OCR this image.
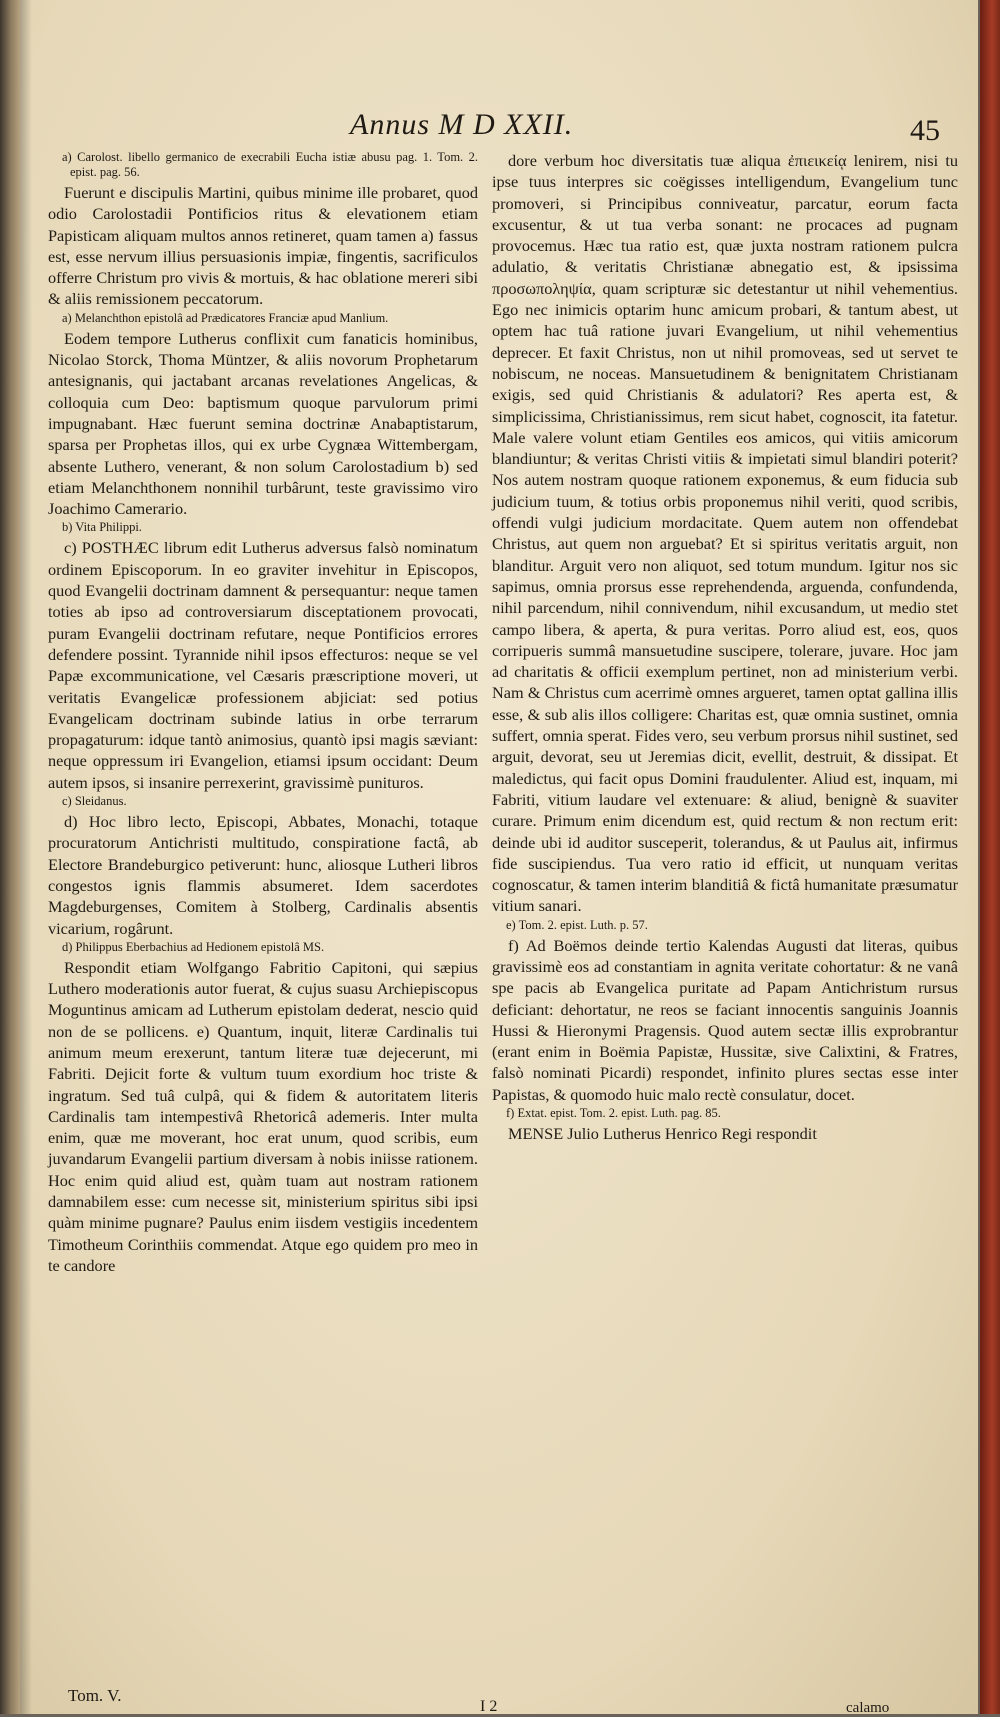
Annus M D XXII.	45
a) Carolost. libello germanico de execrabili Eucha istiæ abusu pag. 1. Tom. 2. epist. pag. 56.
Fuerunt e discipulis Martini, quibus minime ille probaret, quod odio Carolostadii Pontificios ritus & elevationem etiam Papisticam aliquam multos annos retineret, quam tamen a) fassus est, esse nervum illius persuasionis impiæ, fingentis, sacrificulos offerre Christum pro vivis & mortuis, & hac oblatione mereri sibi & aliis remissionem peccatorum.
a) Melanchthon epistolâ ad Prædicatores Franciæ apud Manlium.
Eodem tempore Lutherus conflixit cum fanaticis hominibus, Nicolao Storck, Thoma Müntzer, & aliis novorum Prophetarum antesignanis, qui jactabant arcanas revelationes Angelicas, & colloquia cum Deo: baptismum quoque parvulorum primi impugnabant. Hæc fuerunt semina doctrinæ Anabaptistarum, sparsa per Prophetas illos, qui ex urbe Cygnæa Wittembergam, absente Luthero, venerant, & non solum Carolostadium b) sed etiam Melanchthonem nonnihil turbârunt, teste gravissimo viro Joachimo Camerario.
b) Vita Philippi.
c) POSTHÆC librum edit Lutherus adversus falsò nominatum ordinem Episcoporum. In eo graviter invehitur in Episcopos, quod Evangelii doctrinam damnent & persequantur: neque tamen toties ab ipso ad controversiarum disceptationem provocati, puram Evangelii doctrinam refutare, neque Pontificios errores defendere possint. Tyrannide nihil ipsos effecturos: neque se vel Papæ excommunicatione, vel Cæsaris præscriptione moveri, ut veritatis Evangelicæ professionem abjiciat: sed potius Evangelicam doctrinam subinde latius in orbe terrarum propagaturum: idque tantò animosius, quantò ipsi magis sæviant: neque oppressum iri Evangelion, etiamsi ipsum occidant: Deum autem ipsos, si insanire perrexerint, gravissimè punituros.
c) Sleidanus.
d) Hoc libro lecto, Episcopi, Abbates, Monachi, totaque procuratorum Antichristi multitudo, conspiratione factâ, ab Electore Brandeburgico petiverunt: hunc, aliosque Lutheri libros congestos ignis flammis absumeret. Idem sacerdotes Magdeburgenses, Comitem à Stolberg, Cardinalis absentis vicarium, rogârunt.
d) Philippus Eberbachius ad Hedionem epistolâ MS.
Respondit etiam Wolfgango Fabritio Capitoni, qui sæpius Luthero moderationis autor fuerat, & cujus suasu Archiepiscopus Moguntinus amicam ad Lutherum epistolam dederat, nescio quid non de se pollicens. e) Quantum, inquit, literæ Cardinalis tui animum meum erexerunt, tantum literæ tuæ dejecerunt, mi Fabriti. Dejicit forte & vultum tuum exordium hoc triste & ingratum. Sed tuâ culpâ, qui & fidem & autoritatem literis Cardinalis tam intempestivâ Rhetoricâ ademeris. Inter multa enim, quæ me moverant, hoc erat unum, quod scribis, eum juvandarum Evangelii partium diversam à nobis iniisse rationem. Hoc enim quid aliud est, quàm tuam aut nostram rationem damnabilem esse: cum necesse sit, ministerium spiritus sibi ipsi quàm minime pugnare? Paulus enim iisdem vestigiis incedentem Timotheum Corinthiis commendat. Atque ego quidem pro meo in te candore
dore verbum hoc diversitatis tuæ aliqua ἐπιεικείᾳ lenirem, nisi tu ipse tuus interpres sic coëgisses intelligendum, Evangelium tunc promoveri, si Principibus conniveatur, parcatur, eorum facta excusentur, & ut tua verba sonant: ne procaces ad pugnam provocemus. Hæc tua ratio est, quæ juxta nostram rationem pulcra adulatio, & veritatis Christianæ abnegatio est, & ipsissima προσωποληψία, quam scripturæ sic detestantur ut nihil vehementius. Ego nec inimicis optarim hunc amicum probari, & tantum abest, ut optem hac tuâ ratione juvari Evangelium, ut nihil vehementius deprecer. Et faxit Christus, non ut nihil promoveas, sed ut servet te nobiscum, ne noceas. Mansuetudinem & benignitatem Christianam exigis, sed quid Christianis & adulatori? Res aperta est, & simplicissima, Christianissimus, rem sicut habet, cognoscit, ita fatetur. Male valere volunt etiam Gentiles eos amicos, qui vitiis amicorum blandiuntur; & veritas Christi vitiis & impietati simul blandiri poterit? Nos autem nostram quoque rationem exponemus, & eum fiducia sub judicium tuum, & totius orbis proponemus nihil veriti, quod scribis, offendi vulgi judicium mordacitate. Quem autem non offendebat Christus, aut quem non arguebat? Et si spiritus veritatis arguit, non blanditur. Arguit vero non aliquot, sed totum mundum. Igitur nos sic sapimus, omnia prorsus esse reprehendenda, arguenda, confundenda, nihil parcendum, nihil connivendum, nihil excusandum, ut medio stet campo libera, & aperta, & pura veritas. Porro aliud est, eos, quos corripueris summâ mansuetudine suscipere, tolerare, juvare. Hoc jam ad charitatis & officii exemplum pertinet, non ad ministerium verbi. Nam & Christus cum acerrimè omnes argueret, tamen optat gallina illis esse, & sub alis illos colligere: Charitas est, quæ omnia sustinet, omnia suffert, omnia sperat. Fides vero, seu verbum prorsus nihil sustinet, sed arguit, devorat, seu ut Jeremias dicit, evellit, destruit, & dissipat. Et maledictus, qui facit opus Domini fraudulenter. Aliud est, inquam, mi Fabriti, vitium laudare vel extenuare: & aliud, benignè & suaviter curare. Primum enim dicendum est, quid rectum & non rectum erit: deinde ubi id auditor susceperit, tolerandus, & ut Paulus ait, infirmus fide suscipiendus. Tua vero ratio id efficit, ut nunquam veritas cognoscatur, & tamen interim blanditiâ & fictâ humanitate præsumatur vitium sanari.
e) Tom. 2. epist. Luth. p. 57.
f) Ad Boëmos deinde tertio Kalendas Augusti dat literas, quibus gravissimè eos ad constantiam in agnita veritate cohortatur: & ne vanâ spe pacis ab Evangelica puritate ad Papam Antichristum rursus deficiant: dehortatur, ne reos se faciant innocentis sanguinis Joannis Hussi & Hieronymi Pragensis. Quod autem sectæ illis exprobrantur (erant enim in Boëmia Papistæ, Hussitæ, sive Calixtini, & Fratres, falsò nominati Picardi) respondet, infinito plures sectas esse inter Papistas, & quomodo huic malo rectè consulatur, docet.
f) Extat. epist. Tom. 2. epist. Luth. pag. 85.
MENSE Julio Lutherus Henrico Regi respondit
Tom. V.
I 2	calamo
